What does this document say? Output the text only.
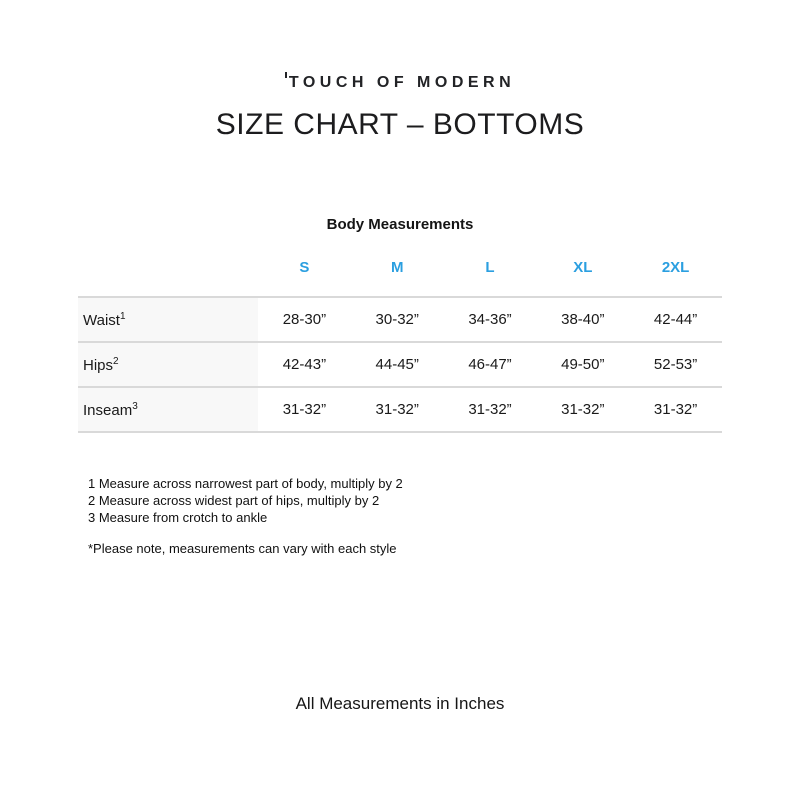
TOUCH OF MODERN
SIZE CHART – BOTTOMS
Body Measurements
	S	M	L	XL	2XL
Waist$^1$	28-30”	30-32”	34-36”	38-40”	42-44”
Hips$^2$	42-43”	44-45”	46-47”	49-50”	52-53”
Inseam$^3$	31-32”	31-32”	31-32”	31-32”	31-32”
1 Measure across narrowest part of body, multiply by 2
2 Measure across widest part of hips, multiply by 2
3 Measure from crotch to ankle
*Please note, measurements can vary with each style
All Measurements in Inches
